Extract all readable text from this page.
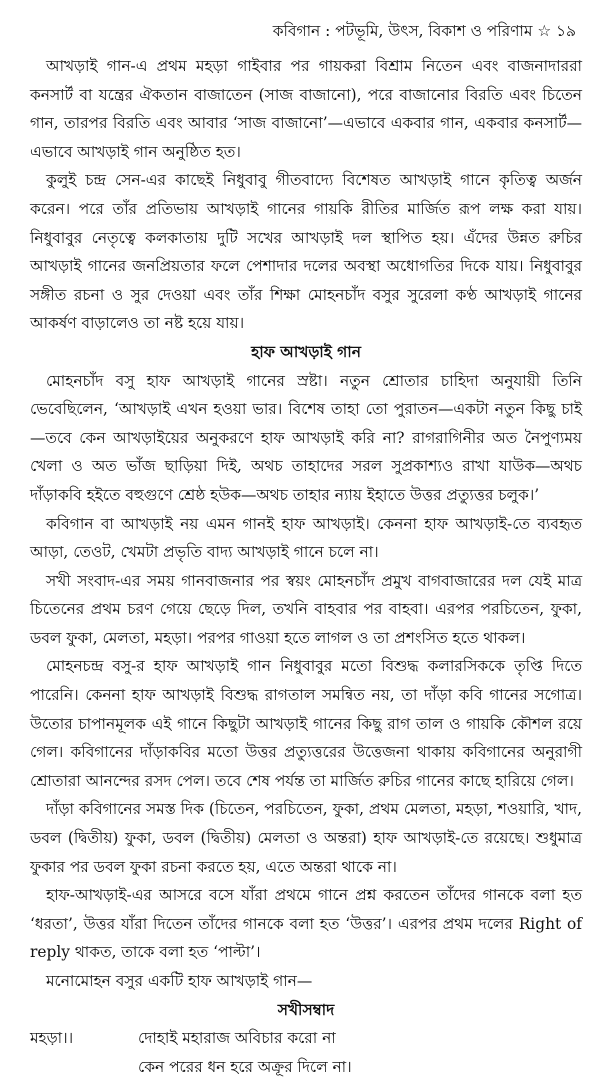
কবিগান : পটভূমি, উৎস, বিকাশ ও পরিণাম ☆ ১৯

আখড়াই গান-এ প্রথম মহড়া গাইবার পর গায়করা বিশ্রাম নিতেন এবং বাজনাদাররা কনসার্ট বা যন্ত্রের ঐকতান বাজাতেন (সাজ বাজানো), পরে বাজানোর বিরতি এবং চিতেন গান, তারপর বিরতি এবং আবার ‘সাজ বাজানো’—এভাবে একবার গান, একবার কনসার্ট—এভাবে আখড়াই গান অনুষ্ঠিত হত।

কুলুই চন্দ্র সেন-এর কাছেই নিধুবাবু গীতবাদ্যে বিশেষত আখড়াই গানে কৃতিত্ব অর্জন করেন। পরে তাঁর প্রতিভায় আখড়াই গানের গায়কি রীতির মার্জিত রূপ লক্ষ করা যায়। নিধুবাবুর নেতৃত্বে কলকাতায় দুটি সখের আখড়াই দল স্থাপিত হয়। এঁদের উন্নত রুচির আখড়াই গানের জনপ্রিয়তার ফলে পেশাদার দলের অবস্থা অধোগতির দিকে যায়। নিধুবাবুর সঙ্গীত রচনা ও সুর দেওয়া এবং তাঁর শিক্ষা মোহনচাঁদ বসুর সুরেলা কণ্ঠ আখড়াই গানের আকর্ষণ বাড়ালেও তা নষ্ট হয়ে যায়।

হাফ আখড়াই গান

মোহনচাঁদ বসু হাফ আখড়াই গানের স্রষ্টা। নতুন শ্রোতার চাহিদা অনুযায়ী তিনি ভেবেছিলেন, ‘আখড়াই এখন হওয়া ভার। বিশেষ তাহা তো পুরাতন—একটা নতুন কিছু চাই—তবে কেন আখড়াইয়ের অনুকরণে হাফ আখড়াই করি না? রাগরাগিনীর অত নৈপুণ্যময় খেলা ও অত ভাঁজ ছাড়িয়া দিই, অথচ তাহাদের সরল সুপ্রকাশ্যও রাখা যাউক—অথচ দাঁড়াকবি হইতে বহুগুণে শ্রেষ্ঠ হউক—অথচ তাহার ন্যায় ইহাতে উত্তর প্রত্যুত্তর চলুক।’

কবিগান বা আখড়াই নয় এমন গানই হাফ আখড়াই। কেননা হাফ আখড়াই-তে ব্যবহৃত আড়া, তেওট, খেমটা প্রভৃতি বাদ্য আখড়াই গানে চলে না।

সখী সংবাদ-এর সময় গানবাজনার পর স্বয়ং মোহনচাঁদ প্রমুখ বাগবাজারের দল যেই মাত্র চিতেনের প্রথম চরণ গেয়ে ছেড়ে দিল, তখনি বাহবার পর বাহবা। এরপর পরচিতেন, ফুকা, ডবল ফুকা, মেলতা, মহড়া। পরপর গাওয়া হতে লাগল ও তা প্রশংসিত হতে থাকল।

মোহনচন্দ্র বসু-র হাফ আখড়াই গান নিধুবাবুর মতো বিশুদ্ধ কলারসিককে তৃপ্তি দিতে পারেনি। কেননা হাফ আখড়াই বিশুদ্ধ রাগতাল সমন্বিত নয়, তা দাঁড়া কবি গানের সগোত্র। উতোর চাপানমূলক এই গানে কিছুটা আখড়াই গানের কিছু রাগ তাল ও গায়কি কৌশল রয়ে গেল। কবিগানের দাঁড়াকবির মতো উত্তর প্রত্যুত্তরের উত্তেজনা থাকায় কবিগানের অনুরাগী শ্রোতারা আনন্দের রসদ পেল। তবে শেষ পর্যন্ত তা মার্জিত রুচির গানের কাছে হারিয়ে গেল।

দাঁড়া কবিগানের সমস্ত দিক (চিতেন, পরচিতেন, ফুকা, প্রথম মেলতা, মহড়া, শওয়ারি, খাদ, ডবল (দ্বিতীয়) ফুকা, ডবল (দ্বিতীয়) মেলতা ও অন্তরা) হাফ আখড়াই-তে রয়েছে। শুধুমাত্র ফুকার পর ডবল ফুকা রচনা করতে হয়, এতে অন্তরা থাকে না।

হাফ-আখড়াই-এর আসরে বসে যাঁরা প্রথমে গানে প্রশ্ন করতেন তাঁদের গানকে বলা হত ‘ধরতা’, উত্তর যাঁরা দিতেন তাঁদের গানকে বলা হত ‘উত্তর’। এরপর প্রথম দলের Right of reply থাকত, তাকে বলা হত ‘পাল্টা’।

মনোমোহন বসুর একটি হাফ আখড়াই গান—

সখীসম্বাদ

মহড়া।।	দোহাই মহারাজ অবিচার করো না
কেন পরের ধন হরে অক্রূর দিলে না।
